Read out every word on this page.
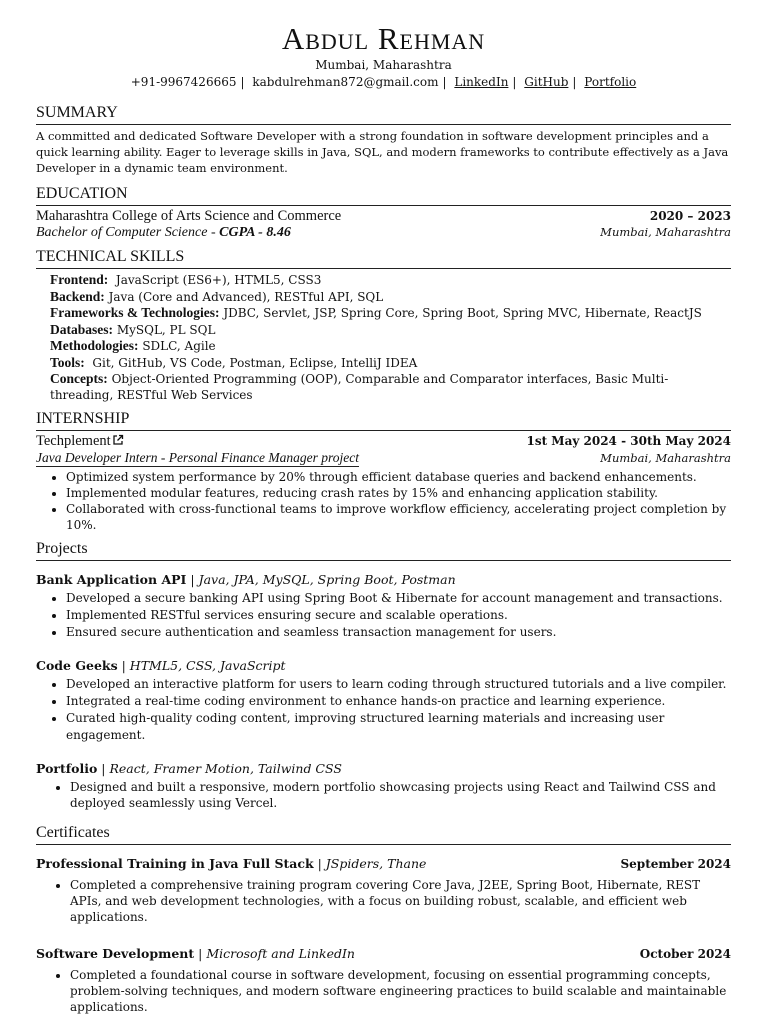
Abdul Rehman
Mumbai, Maharashtra
+91-9967426665 | kabdulrehman872@gmail.com | LinkedIn | GitHub | Portfolio
SUMMARY
A committed and dedicated Software Developer with a strong foundation in software development principles and a quick learning ability. Eager to leverage skills in Java, SQL, and modern frameworks to contribute effectively as a Java Developer in a dynamic team environment.
EDUCATION
Maharashtra College of Arts Science and Commerce	2020 – 2023
Bachelor of Computer Science - CGPA - 8.46	Mumbai, Maharashtra
TECHNICAL SKILLS
Frontend: JavaScript (ES6+), HTML5, CSS3
Backend: Java (Core and Advanced), RESTful API, SQL
Frameworks & Technologies: JDBC, Servlet, JSP, Spring Core, Spring Boot, Spring MVC, Hibernate, ReactJS
Databases: MySQL, PL SQL
Methodologies: SDLC, Agile
Tools: Git, GitHub, VS Code, Postman, Eclipse, IntelliJ IDEA
Concepts: Object-Oriented Programming (OOP), Comparable and Comparator interfaces, Basic Multi-threading, RESTful Web Services
INTERNSHIP
Techplement	1st May 2024 - 30th May 2024
Java Developer Intern - Personal Finance Manager project	Mumbai, Maharashtra
• Optimized system performance by 20% through efficient database queries and backend enhancements.
• Implemented modular features, reducing crash rates by 15% and enhancing application stability.
• Collaborated with cross-functional teams to improve workflow efficiency, accelerating project completion by 10%.
Projects
Bank Application API | Java, JPA, MySQL, Spring Boot, Postman
• Developed a secure banking API using Spring Boot & Hibernate for account management and transactions.
• Implemented RESTful services ensuring secure and scalable operations.
• Ensured secure authentication and seamless transaction management for users.
Code Geeks | HTML5, CSS, JavaScript
• Developed an interactive platform for users to learn coding through structured tutorials and a live compiler.
• Integrated a real-time coding environment to enhance hands-on practice and learning experience.
• Curated high-quality coding content, improving structured learning materials and increasing user engagement.
Portfolio | React, Framer Motion, Tailwind CSS
• Designed and built a responsive, modern portfolio showcasing projects using React and Tailwind CSS and deployed seamlessly using Vercel.
Certificates
Professional Training in Java Full Stack | JSpiders, Thane	September 2024
• Completed a comprehensive training program covering Core Java, J2EE, Spring Boot, Hibernate, REST APIs, and web development technologies, with a focus on building robust, scalable, and efficient web applications.
Software Development | Microsoft and LinkedIn	October 2024
• Completed a foundational course in software development, focusing on essential programming concepts, problem-solving techniques, and modern software engineering practices to build scalable and maintainable applications.
